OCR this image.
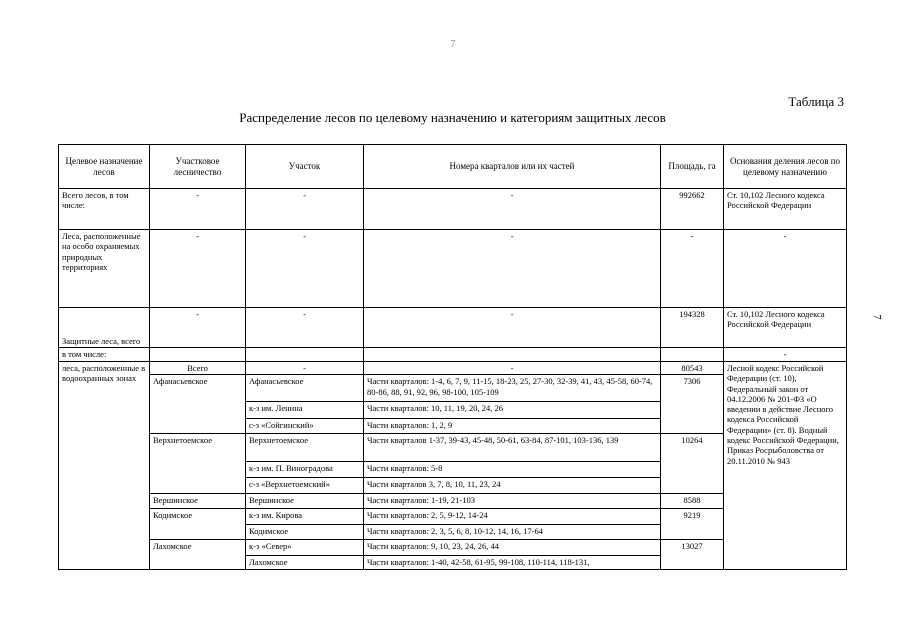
7
7
Таблица 3
Распределение лесов по целевому назначению и категориям защитных лесов
Целевое назначение лесов	Участковое лесничество	Участок	Номера кварталов или их частей	Площадь, га	Основания деления лесов по целевому назначению
Всего лесов, в том числе:	-	-	-	992662	Ст. 10,102 Лесного кодекса Российской Федерации
Леса, расположенные на особо охраняемых природных территориях	-	-	-	-	-
Защитные леса, всего	-	-	-	194328	Ст. 10,102 Лесного кодекса Российской Федерации
в том числе:					-
леса, расположенные в водоохранных зонах	Всего	-	-	80543	Лесной кодекс Российской Федерации (ст. 10), Федеральный закон от 04.12.2006 № 201-ФЗ «О введении в действие Лесного кодекса Российской Федерации» (ст. 8). Водный кодекс Российской Федерации, Приказ Росрыболовства от 20.11.2010 № 943
	Афанасьевское	Афанасьевское	Части кварталов: 1-4, 6, 7, 9, 11-15, 18-23, 25, 27-30, 32-39, 41, 43, 45-58, 60-74, 80-86, 88, 91, 92, 96, 98-100, 105-109	7306	
		к-з им. Ленина	Части кварталов: 10, 11, 19, 20, 24, 26		
		с-з «Сойгинский»	Части кварталов: 1, 2, 9		
	Верхнетоемское	Верхнетоемское	Части кварталов 1-37, 39-43, 45-48, 50-61, 63-84, 87-101, 103-136, 139	10264	
		к-з им. П. Виноградова	Части кварталов: 5-8		
		с-з «Верхнетоемский»	Части кварталов 3, 7, 8, 10, 11, 23, 24		
	Вершинское	Вершинское	Части кварталов: 1-19, 21-103	8588	
	Кодимское	к-з им. Кирова	Части кварталов: 2, 5, 9-12, 14-24	9219	
		Кодимское	Части кварталов: 2, 3, 5, 6, 8, 10-12, 14, 16, 17-64		
	Лахомское	к-з «Север»	Части кварталов: 9, 10, 23, 24, 26, 44	13027	
		Лахомское	Части кварталов: 1-40, 42-58, 61-95, 99-108, 110-114, 118-131,		
